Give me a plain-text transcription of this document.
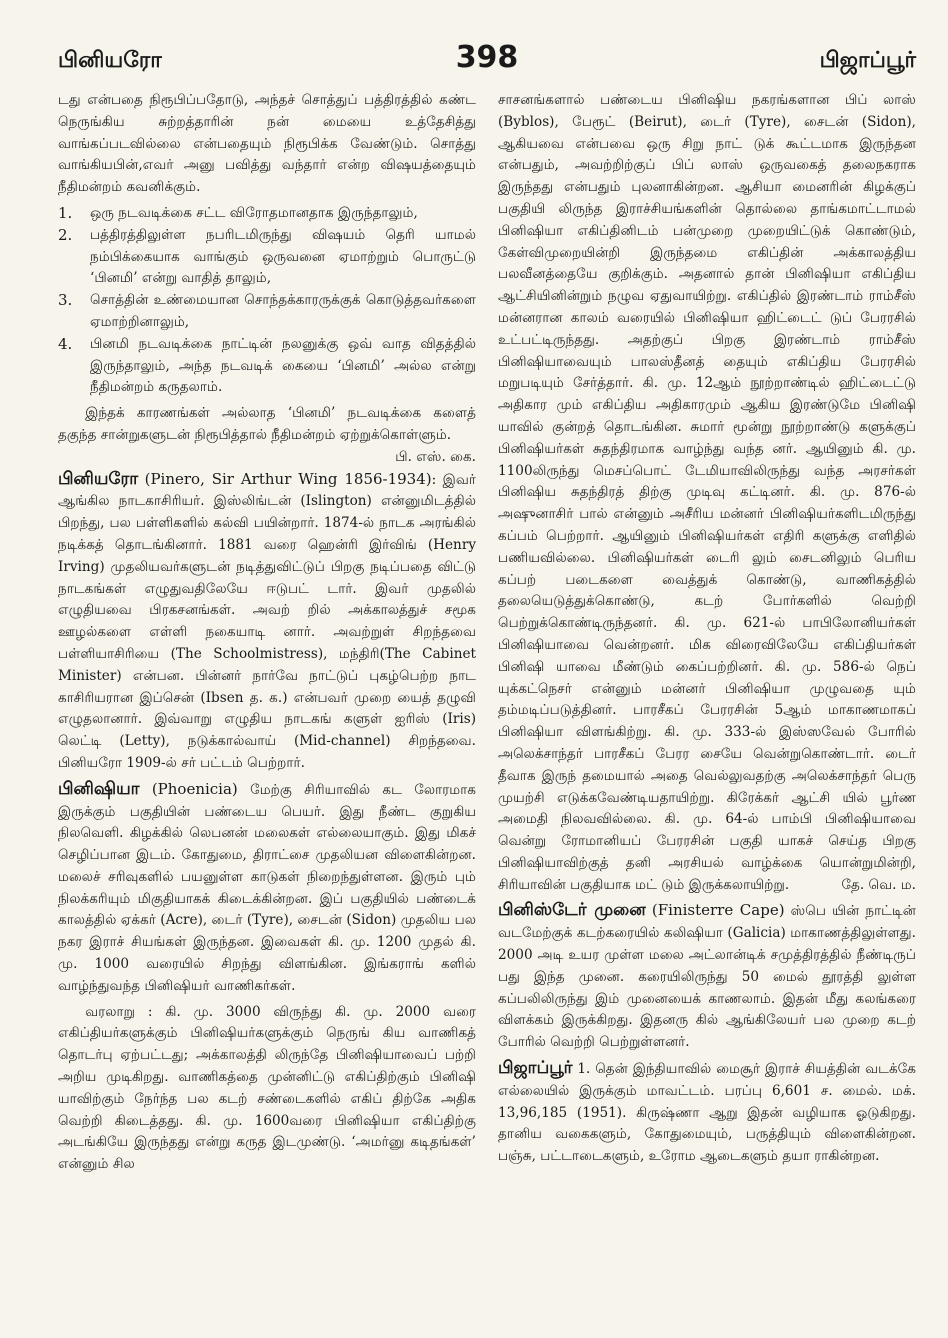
பினியரோ	398	பிஜாப்பூர்

டது என்பதை நிரூபிப்பதோடு, அந்தச் சொத்துப் பத்திரத்தில் கண்ட நெருங்கிய சுற்றத்தாரின் நன் மையை உத்தேசித்து வாங்கப்படவில்லை என்பதையும் நிரூபிக்க வேண்டும். சொத்து வாங்கியபின்,எவர் அனு பவித்து வந்தார் என்ற விஷயத்தையும் நீதிமன்றம் கவனிக்கும்.

1.	ஒரு நடவடிக்கை சட்ட விரோதமானதாக இருந்தாலும்,
2.	பத்திரத்திலுள்ள நபரிடமிருந்து விஷயம் தெரி யாமல் நம்பிக்கையாக வாங்கும் ஒருவனை ஏமாற்றும் பொருட்டு ‘பினமி’ என்று வாதித் தாலும்,
3.	சொத்தின் உண்மையான சொந்தக்காரருக்குக் கொடுத்தவர்களை ஏமாற்றினாலும்,
4.	பினமி நடவடிக்கை நாட்டின் நலனுக்கு ஒவ் வாத விதத்தில் இருந்தாலும், அந்த நடவடிக் கையை ‘பினமி’ அல்ல என்று நீதிமன்றம் கருதலாம்.

இந்தக் காரணங்கள் அல்லாத ‘பினமி’ நடவடிக்கை களைத் தகுந்த சான்றுகளுடன் நிரூபித்தால் நீதிமன்றம் ஏற்றுக்கொள்ளும்.
பி. எஸ். கை.

பினியரோ (Pinero, Sir Arthur Wing 1856-1934): இவர் ஆங்கில நாடகாசிரியர். இஸ்லிங்டன் (Islington) என்னுமிடத்தில் பிறந்து, பல பள்ளிகளில் கல்வி பயின்றார். 1874-ல் நாடக அரங்கில் நடிக்கத் தொடங்கினார். 1881 வரை ஹென்ரி இர்விங் (Henry Irving) முதலியவர்களுடன் நடித்துவிட்டுப் பிறகு நடிப்பதை விட்டு நாடகங்கள் எழுதுவதிலேயே ஈடுபட் டார். இவர் முதலில் எழுதியவை பிரகசனங்கள். அவற் றில் அக்காலத்துச் சமூக ஊழல்களை எள்ளி நகையாடி னார். அவற்றுள் சிறந்தவை பள்ளியாசிரியை (The Schoolmistress), மந்திரி(The Cabinet Minister) என்பன. பின்னர் நார்வே நாட்டுப் புகழ்பெற்ற நாட காசிரியரான இப்சென் (Ibsen த. க.) என்பவர் முறை யைத் தழுவி எழுதலானார். இவ்வாறு எழுதிய நாடகங் களுள் ஐரிஸ் (Iris) லெட்டி (Letty), நடுக்கால்வாய் (Mid-channel) சிறந்தவை. பினியரோ 1909-ல் சர் பட்டம் பெற்றார்.

பினிஷியா (Phoenicia) மேற்கு சிரியாவில் கட லோரமாக இருக்கும் பகுதியின் பண்டைய பெயர். இது நீண்ட குறுகிய நிலவெளி. கிழக்கில் லெபனன் மலைகள் எல்லையாகும். இது மிகச் செழிப்பான இடம். கோதுமை, திராட்சை முதலியன விளைகின்றன. மலைச் சரிவுகளில் பயனுள்ள காடுகள் நிறைந்துள்ளன. இரும் பும் நிலக்கரியும் மிகுதியாகக் கிடைக்கின்றன. இப் பகுதியில் பண்டைக் காலத்தில் ஏக்கர் (Acre), டைர் (Tyre), சைடன் (Sidon) முதலிய பல நகர இராச் சியங்கள் இருந்தன. இவைகள் கி. மு. 1200 முதல் கி. மு. 1000 வரையில் சிறந்து விளங்கின. இங்கராங் களில் வாழ்ந்துவந்த பினிஷியர் வாணிகர்கள்.

வரலாறு : கி. மு. 3000 விருந்து கி. மு. 2000 வரை எகிப்தியர்களுக்கும் பினிஷியர்களுக்கும் நெருங் கிய வாணிகத் தொடர்பு ஏற்பட்டது; அக்காலத்தி லிருந்தே பினிஷியாவைப் பற்றி அறிய முடிகிறது. வாணிகத்தை முன்னிட்டு எகிப்திற்கும் பினிஷி யாவிற்கும் நேர்ந்த பல கடற் சண்டைகளில் எகிப் திற்கே அதிக வெற்றி கிடைத்தது. கி. மு. 1600வரை பினிஷியா எகிப்திற்கு அடங்கியே இருந்தது என்று கருத இடமுண்டு. ‘அமர்னு கடிதங்கள்’ என்னும் சில

சாசனங்களால் பண்டைய பினிஷிய நகரங்களான பிப் லாஸ் (Byblos), பேரூட் (Beirut), டைர் (Tyre), சைடன் (Sidon), ஆகியவை என்பவை ஒரு சிறு நாட் டுக் கூட்டமாக இருந்தன என்பதும், அவற்றிற்குப் பிப் லாஸ் ஒருவகைத் தலைநகராக இருந்தது என்பதும் புலனாகின்றன. ஆசியா மைனரின் கிழக்குப் பகுதியி லிருந்த இராச்சியங்களின் தொல்லை தாங்கமாட்டாமல் பினிஷியா எகிப்தினிடம் பன்முறை முறையிட்டுக் கொண்டும், கேள்விமுறையின்றி இருந்தமை எகிப்தின் அக்காலத்திய பலவீனத்தையே குறிக்கும். அதனால் தான் பினிஷியா எகிப்திய ஆட்சியினின்றும் நழுவ ஏதுவாயிற்று. எகிப்தில் இரண்டாம் ராம்சீஸ் மன்னரான காலம் வரையில் பினிஷியா ஹிட்டைட் டுப் பேரரசில் உட்பட்டிருந்தது. அதற்குப் பிறகு இரண்டாம் ராம்சீஸ் பினிஷியாவையும் பாலஸ்தீனத் தையும் எகிப்திய பேரரசில் மறுபடியும் சேர்த்தார். கி. மு. 12ஆம் நூற்றாண்டில் ஹிட்டைட்டு அதிகார மும் எகிப்திய அதிகாரமும் ஆகிய இரண்டுமே பினிஷி யாவில் குன்றத் தொடங்கின. சுமார் மூன்று நூற்றாண்டு களுக்குப் பினிஷியர்கள் சுதந்திரமாக வாழ்ந்து வந்த னர். ஆயினும் கி. மு. 1100லிருந்து மெசப்பொட் டேமியாவிலிருந்து வந்த அரசர்கள் பினிஷிய சுதந்திரத் திற்கு முடிவு கட்டினர். கி. மு. 876-ல் அஷுனாசிர் பால் என்னும் அசீரிய மன்னர் பினிஷியர்களிடமிருந்து கப்பம் பெற்றார். ஆயினும் பினிஷியர்கள் எதிரி களுக்கு எளிதில் பணியவில்லை. பினிஷியர்கள் டைரி லும் சைடனிலும் பெரிய கப்பற் படைகளை வைத்துக் கொண்டு, வாணிகத்தில் தலையெடுத்துக்கொண்டு, கடற் போர்களில் வெற்றி பெற்றுக்கொண்டிருந்தனர். கி. மு. 621-ல் பாபிலோனியர்கள் பினிஷியாவை வென்றனர். மிக விரைவிலேயே எகிப்தியர்கள் பினிஷி யாவை மீண்டும் கைப்பற்றினர். கி. மு. 586-ல் நெப் யுக்கட்நெசர் என்னும் மன்னர் பினிஷியா முழுவதை யும் தம்மடிப்படுத்தினர். பாரசீகப் பேரரசின் 5ஆம் மாகாணமாகப் பினிஷியா விளங்கிற்று. கி. மு. 333-ல் இஸ்ஸவேல் போரில் அலெக்சாந்தர் பாரசீகப் பேரர சையே வென்றுகொண்டார். டைர் தீவாக இருந் தமையால் அதை வெல்லுவதற்கு அலெக்சாந்தர் பெரு முயற்சி எடுக்கவேண்டியதாயிற்று. கிரேக்கர் ஆட்சி யில் பூர்ண அமைதி நிலவவில்லை. கி. மு. 64-ல் பாம்பி பினிஷியாவை வென்று ரோமானியப் பேரரசின் பகுதி யாகச் செய்த பிறகு பினிஷியாவிற்குத் தனி அரசியல் வாழ்க்கை யொன்றுமின்றி, சிரியாவின் பகுதியாக மட் டும் இருக்கலாயிற்று.	தே. வெ. ம.

பினிஸ்டேர் முனை (Finisterre Cape) ஸ்பெ யின் நாட்டின் வடமேற்குக் கடற்கரையில் கலிஷியா (Galicia) மாகாணத்திலுள்ளது. 2000 அடி உயர முள்ள மலை அட்லான்டிக் சமுத்திரத்தில் நீண்டிருப் பது இந்த முனை. கரையிலிருந்து 50 மைல் தூரத்தி லுள்ள கப்பலிலிருந்து இம் முனையைக் காணலாம். இதன் மீது கலங்கரை விளக்கம் இருக்கிறது. இதனரு கில் ஆங்கிலேயர் பல முறை கடற் போரில் வெற்றி பெற்றுள்ளனர்.

பிஜாப்பூர் 1. தென் இந்தியாவில் மைசூர் இராச் சியத்தின் வடக்கே எல்லையில் இருக்கும் மாவட்டம். பரப்பு 6,601 ச. மைல். மக். 13,96,185 (1951). கிருஷ்ணா ஆறு இதன் வழியாக ஓடுகிறது. தானிய வகைகளும், கோதுமையும், பருத்தியும் விளைகின்றன. பஞ்சு, பட்டாடைகளும், உரோம ஆடைகளும் தயா ராகின்றன.
